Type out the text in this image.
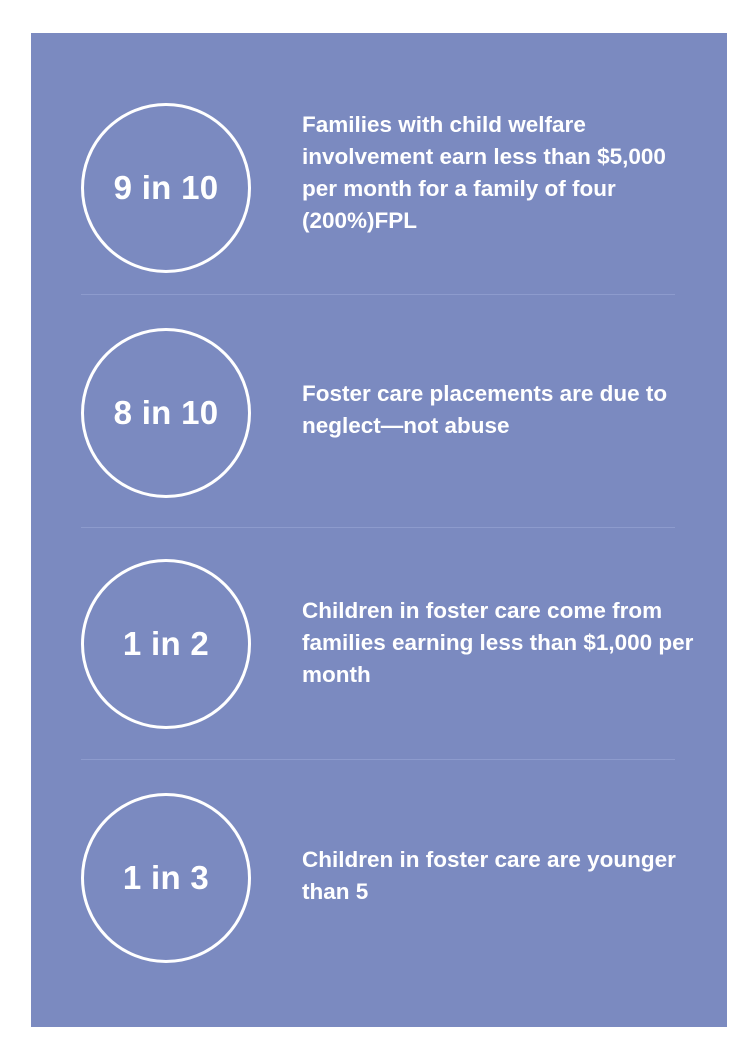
9 in 10
Families with child welfare involvement earn less than $5,000 per month for a family of four (200%)FPL
8 in 10
Foster care placements are due to neglect—not abuse
1 in 2
Children in foster care come from families earning less than $1,000 per month
1 in 3	Children in foster care are younger than 5
